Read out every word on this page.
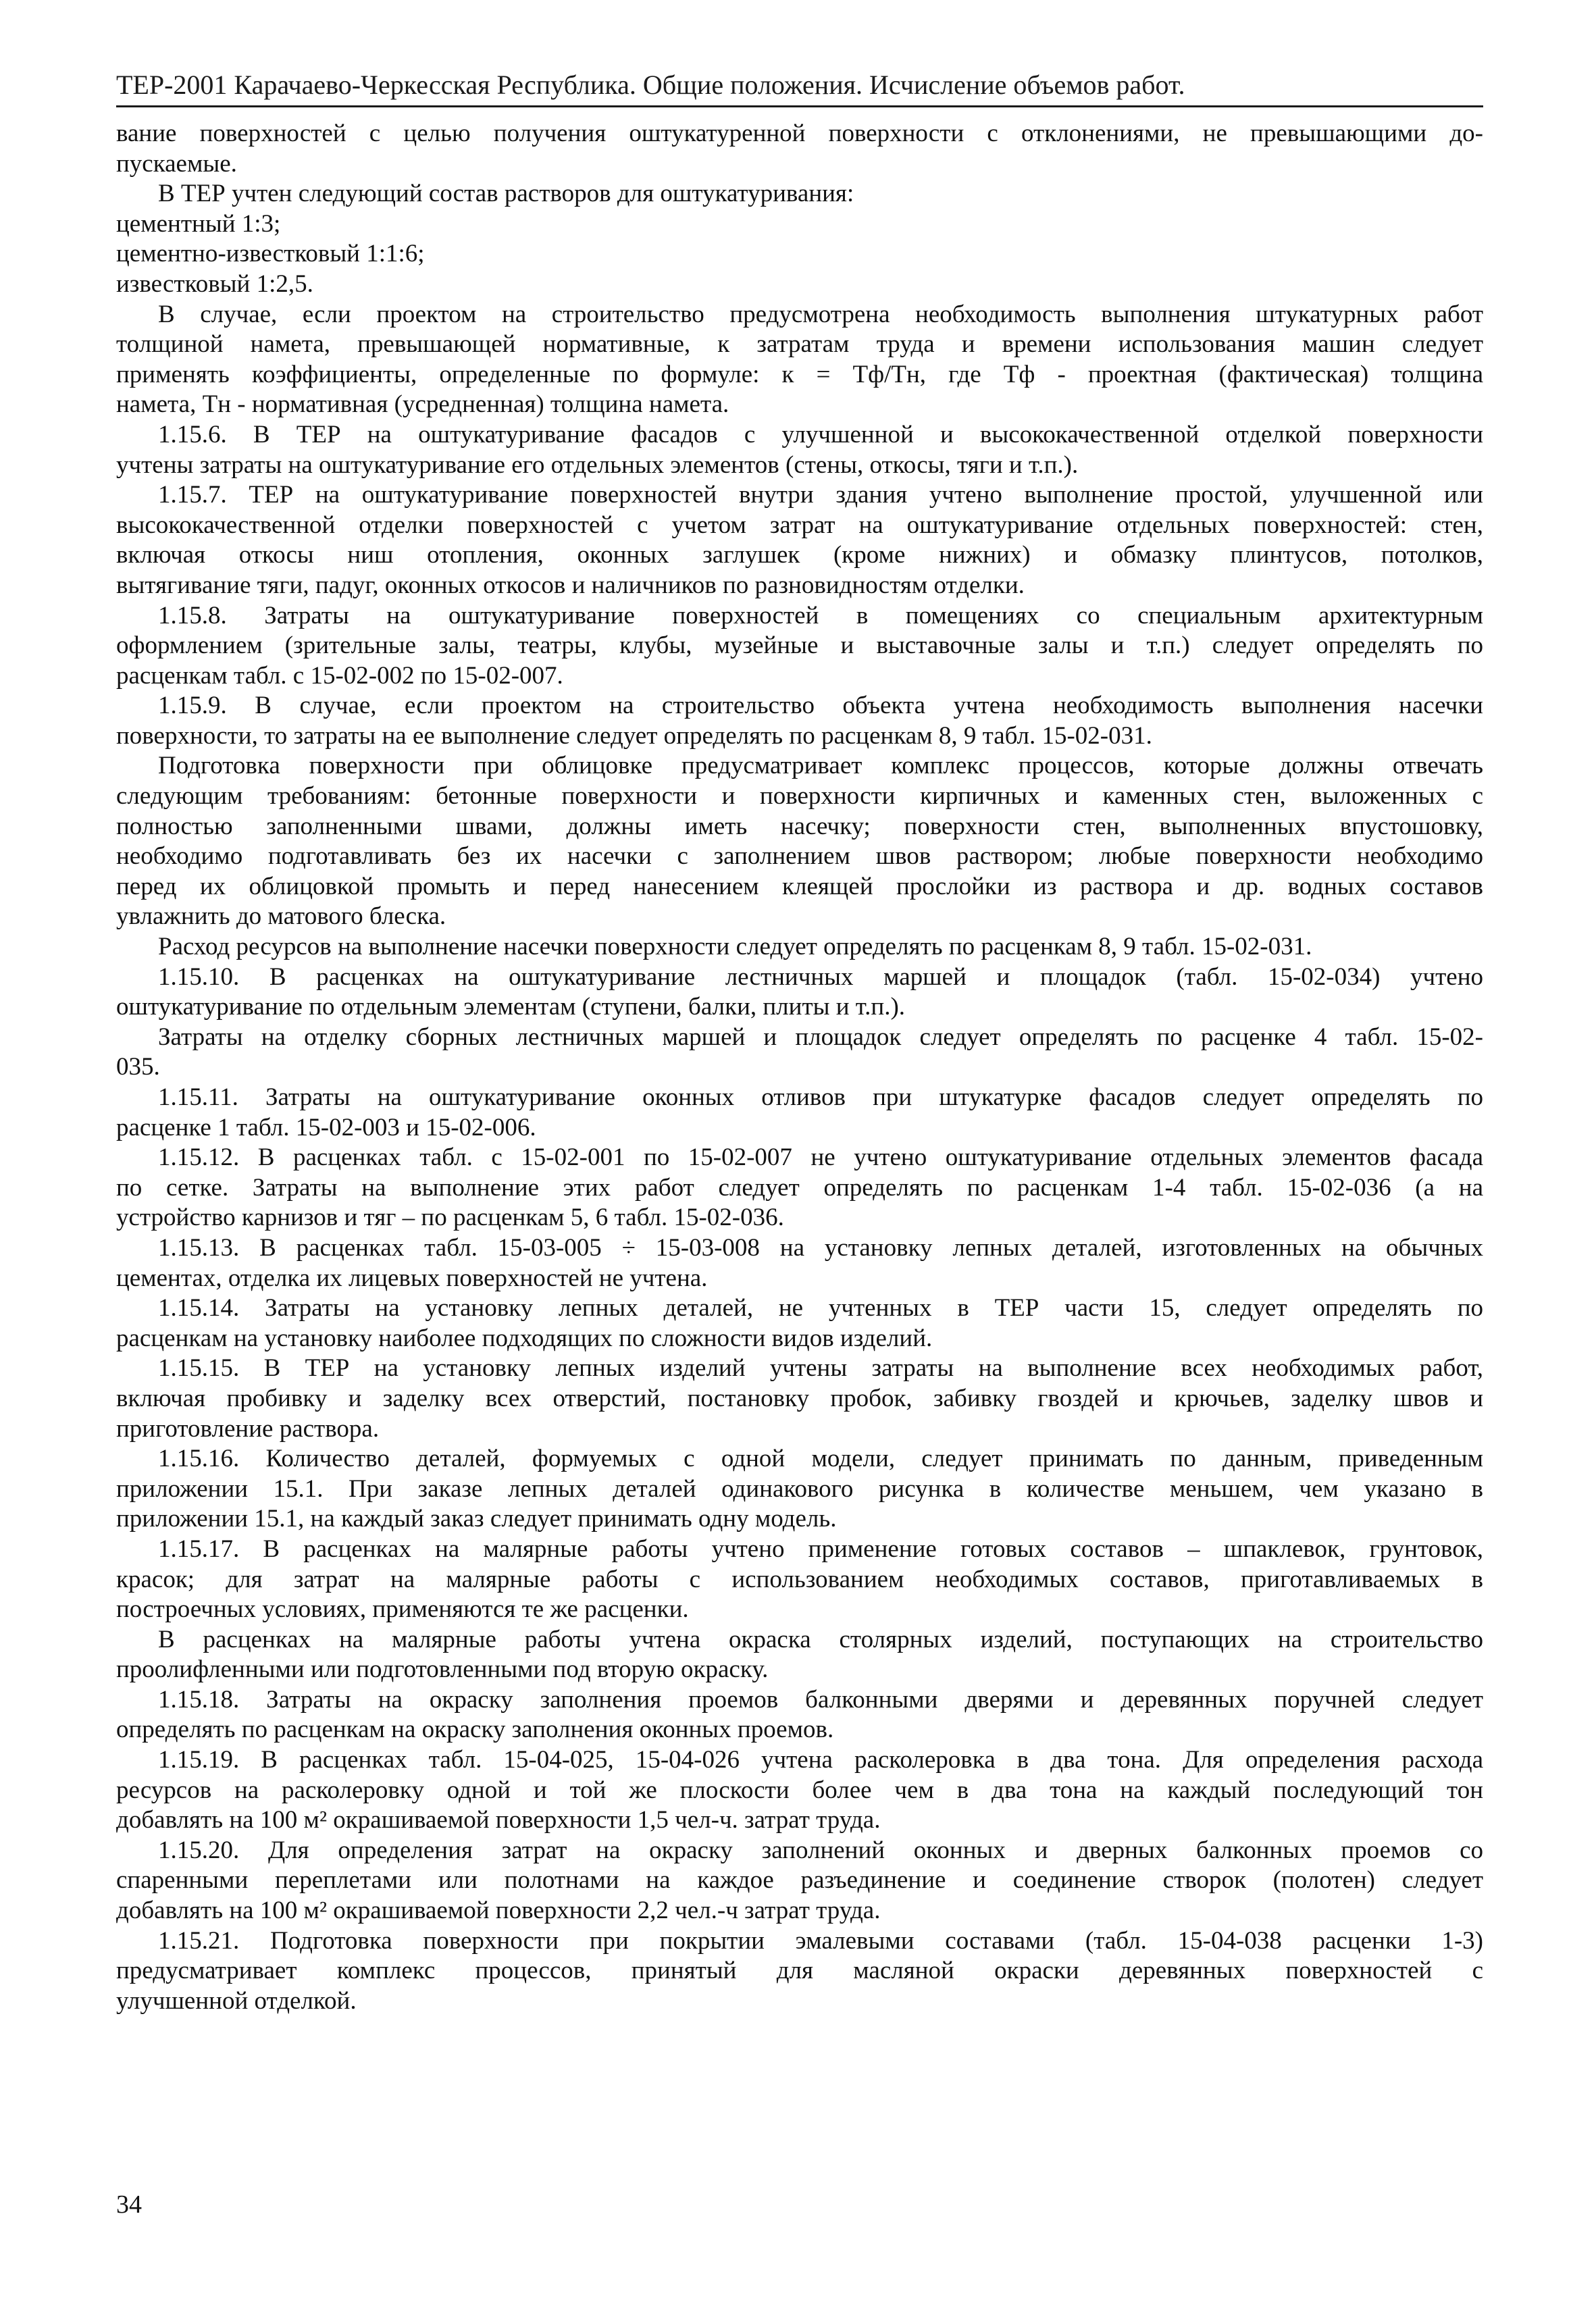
ТЕР-2001 Карачаево-Черкесская Республика. Общие положения. Исчисление объемов работ.
вание поверхностей с целью получения оштукатуренной поверхности с отклонениями, не превышающими до-
пускаемые.
В ТЕР учтен следующий состав растворов для оштукатуривания:
цементный 1:3;
цементно-известковый 1:1:6;
известковый 1:2,5.
В случае, если проектом на строительство предусмотрена необходимость выполнения штукатурных работ
толщиной намета, превышающей нормативные, к затратам труда и времени использования машин следует
применять коэффициенты, определенные по формуле: к = Тф/Тн, где Тф - проектная (фактическая) толщина
намета, Тн - нормативная (усредненная) толщина намета.
1.15.6. В ТЕР на оштукатуривание фасадов с улучшенной и высококачественной отделкой поверхности
учтены затраты на оштукатуривание его отдельных элементов (стены, откосы, тяги и т.п.).
1.15.7. ТЕР на оштукатуривание поверхностей внутри здания учтено выполнение простой, улучшенной или
высококачественной отделки поверхностей с учетом затрат на оштукатуривание отдельных поверхностей: стен,
включая откосы ниш отопления, оконных заглушек (кроме нижних) и обмазку плинтусов, потолков,
вытягивание тяги, падуг, оконных откосов и наличников по разновидностям отделки.
1.15.8. Затраты на оштукатуривание поверхностей в помещениях со специальным архитектурным
оформлением (зрительные залы, театры, клубы, музейные и выставочные залы и т.п.) следует определять по
расценкам табл. с 15-02-002 по 15-02-007.
1.15.9. В случае, если проектом на строительство объекта учтена необходимость выполнения насечки
поверхности, то затраты на ее выполнение следует определять по расценкам 8, 9 табл. 15-02-031.
Подготовка поверхности при облицовке предусматривает комплекс процессов, которые должны отвечать
следующим требованиям: бетонные поверхности и поверхности кирпичных и каменных стен, выложенных с
полностью заполненными швами, должны иметь насечку; поверхности стен, выполненных впустошовку,
необходимо подготавливать без их насечки с заполнением швов раствором; любые поверхности необходимо
перед их облицовкой промыть и перед нанесением клеящей прослойки из раствора и др. водных составов
увлажнить до матового блеска.
Расход ресурсов на выполнение насечки поверхности следует определять по расценкам 8, 9 табл. 15-02-031.
1.15.10. В расценках на оштукатуривание лестничных маршей и площадок (табл. 15-02-034) учтено
оштукатуривание по отдельным элементам (ступени, балки, плиты и т.п.).
Затраты на отделку сборных лестничных маршей и площадок следует определять по расценке 4 табл. 15-02-
035.
1.15.11. Затраты на оштукатуривание оконных отливов при штукатурке фасадов следует определять по
расценке 1 табл. 15-02-003 и 15-02-006.
1.15.12. В расценках табл. с 15-02-001 по 15-02-007 не учтено оштукатуривание отдельных элементов фасада
по сетке. Затраты на выполнение этих работ следует определять по расценкам 1-4 табл. 15-02-036 (а на
устройство карнизов и тяг – по расценкам 5, 6 табл. 15-02-036.
1.15.13. В расценках табл. 15-03-005 ÷ 15-03-008 на установку лепных деталей, изготовленных на обычных
цементах, отделка их лицевых поверхностей не учтена.
1.15.14. Затраты на установку лепных деталей, не учтенных в ТЕР части 15, следует определять по
расценкам на установку наиболее подходящих по сложности видов изделий.
1.15.15. В ТЕР на установку лепных изделий учтены затраты на выполнение всех необходимых работ,
включая пробивку и заделку всех отверстий, постановку пробок, забивку гвоздей и крючьев, заделку швов и
приготовление раствора.
1.15.16. Количество деталей, формуемых с одной модели, следует принимать по данным, приведенным
приложении 15.1. При заказе лепных деталей одинакового рисунка в количестве меньшем, чем указано в
приложении 15.1, на каждый заказ следует принимать одну модель.
1.15.17. В расценках на малярные работы учтено применение готовых составов – шпаклевок, грунтовок,
красок; для затрат на малярные работы с использованием необходимых составов, приготавливаемых в
построечных условиях, применяются те же расценки.
В расценках на малярные работы учтена окраска столярных изделий, поступающих на строительство
проолифленными или подготовленными под вторую окраску.
1.15.18. Затраты на окраску заполнения проемов балконными дверями и деревянных поручней следует
определять по расценкам на окраску заполнения оконных проемов.
1.15.19. В расценках табл. 15-04-025, 15-04-026 учтена расколеровка в два тона. Для определения расхода
ресурсов на расколеровку одной и той же плоскости более чем в два тона на каждый последующий тон
добавлять на 100 м² окрашиваемой поверхности 1,5 чел-ч. затрат труда.
1.15.20. Для определения затрат на окраску заполнений оконных и дверных балконных проемов со
спаренными переплетами или полотнами на каждое разъединение и соединение створок (полотен) следует
добавлять на 100 м² окрашиваемой поверхности 2,2 чел.-ч затрат труда.
1.15.21. Подготовка поверхности при покрытии эмалевыми составами (табл. 15-04-038 расценки 1-3)
предусматривает комплекс процессов, принятый для масляной окраски деревянных поверхностей с
улучшенной отделкой.
34
